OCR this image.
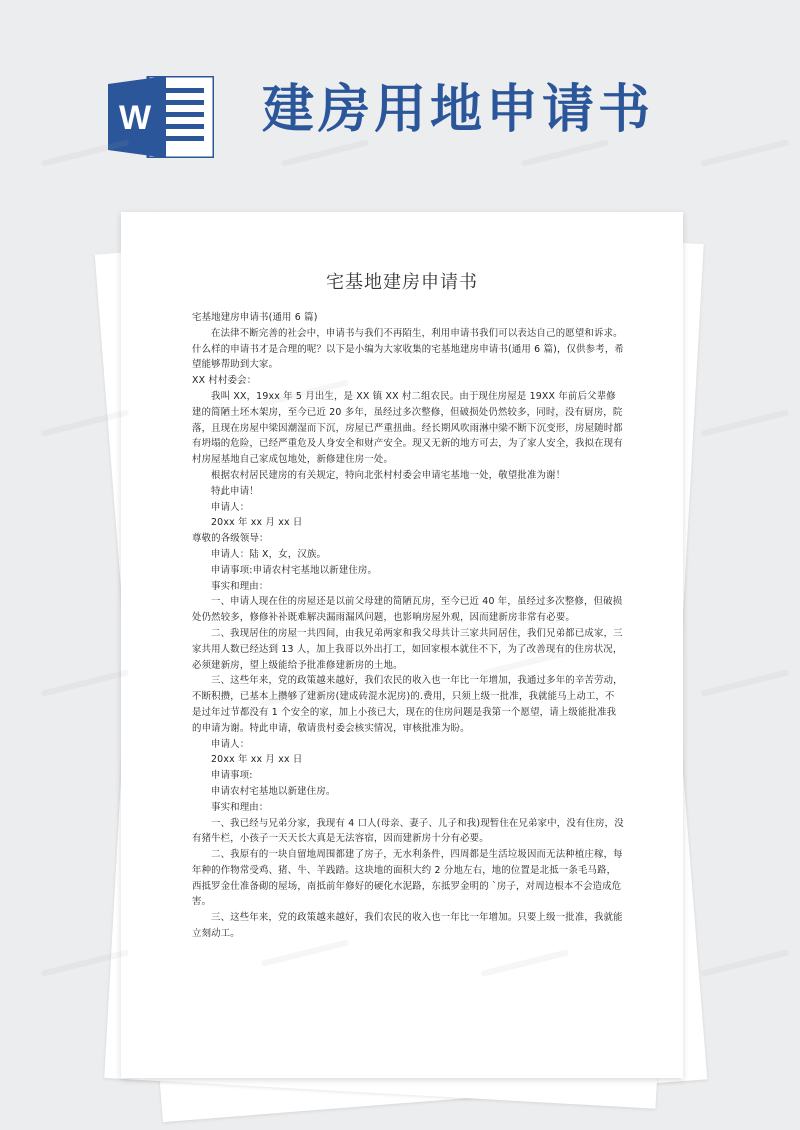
W 建房用地申请书
宅基地建房申请书

宅基地建房申请书(通用 6 篇)

在法律不断完善的社会中，申请书与我们不再陌生，利用申请书我们可以表达自己的愿望和诉求。什么样的申请书才是合理的呢？以下是小编为大家收集的宅基地建房申请书(通用 6 篇)，仅供参考，希望能够帮助到大家。

XX 村村委会：

我叫 XX，19xx 年 5 月出生，是 XX 镇 XX 村二组农民。由于现住房屋是 19XX 年前后父辈修建的简陋土坯木架房，至今已近 20 多年，虽经过多次整修，但破损处仍然较多，同时，没有厨房，院落，且现在房屋中梁因潮湿而下沉，房屋已严重扭曲。经长期风吹雨淋中梁不断下沉变形，房屋随时都有坍塌的危险，已经严重危及人身安全和财产安全。现又无新的地方可去，为了家人安全，我拟在现有村房屋基地自己家成包地处，新修建住房一处。

根据农村居民建房的有关规定，特向北张村村委会申请宅基地一处，敬望批准为谢！

特此申请！

申请人：

20xx 年 xx 月 xx 日

尊敬的各级领导：

申请人：陆 X，女，汉族。

申请事项:申请农村宅基地以新建住房。

事实和理由：

一、申请人现在住的房屋还是以前父母建的简陋瓦房，至今已近 40 年，虽经过多次整修，但破损处仍然较多，修修补补既难解决漏雨漏风问题，也影响房屋外观，因而建新房非常有必要。

二、我现居住的房屋一共四间，由我兄弟两家和我父母共计三家共同居住，我们兄弟都已成家，三家共用人数已经达到 13 人，加上我哥以外出打工，如回家根本就住不下，为了改善现有的住房状况，必须建新房，望上级能给予批准修建新房的土地。

三、这些年来，党的政策越来越好，我们农民的收入也一年比一年增加，我通过多年的辛苦劳动，不断积攒，已基本上攒够了建新房(建成砖混水泥房)的.费用，只须上级一批准，我就能马上动工，不是过年过节都没有 1 个安全的家，加上小孩已大，现在的住房问题是我第一个愿望，请上级能批准我的申请为谢。特此申请，敬请贵村委会核实情况，审核批准为盼。

申请人：

20xx 年 xx 月 xx 日

申请事项:

申请农村宅基地以新建住房。

事实和理由：

一、我已经与兄弟分家，我现有 4 口人(母亲、妻子、儿子和我)现暂住在兄弟家中，没有住房，没有猪牛栏，小孩子一天天长大真是无法容宿，因而建新房十分有必要。

二、我原有的一块自留地周围都建了房子，无水利条件，四周都是生活垃圾因而无法种植庄稼，每年种的作物常受鸡、猪、牛、羊践踏。这块地的面积大约 2 分地左右，地的位置是北抵一条毛马路，西抵罗金仕准备砌的屋场，南抵前年修好的硬化水泥路，东抵罗金明的 `房子，对周边根本不会造成危害。

三、这些年来，党的政策越来越好，我们农民的收入也一年比一年增加。只要上级一批准，我就能立刻动工。
